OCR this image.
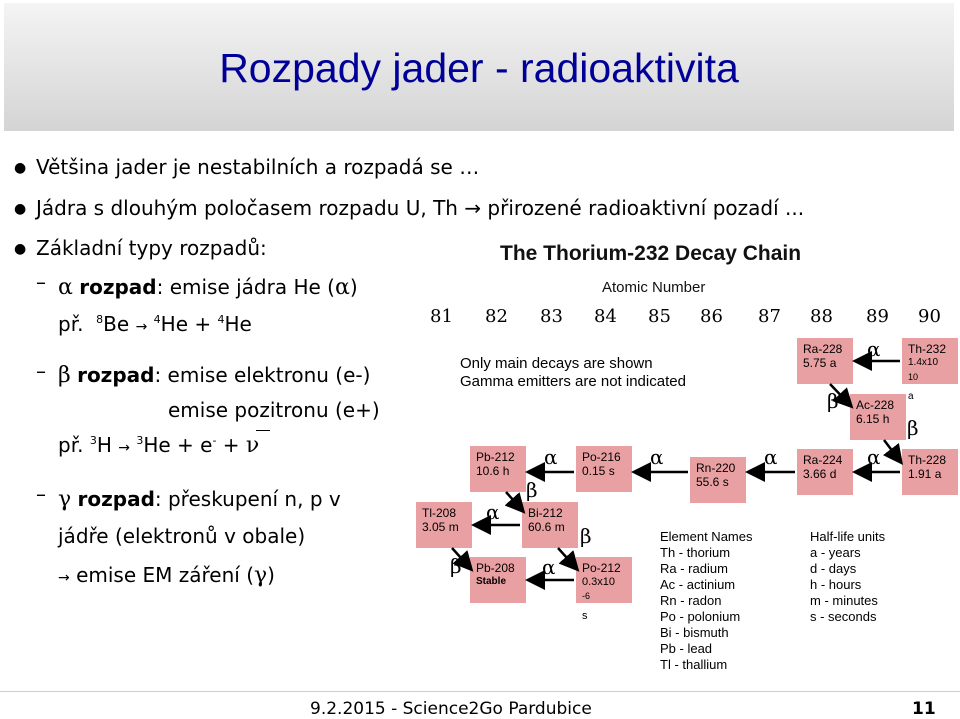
Rozpady jader - radioaktivita
● Většina jader je nestabilních a rozpadá se …
● Jádra s dlouhým poločasem rozpadu U, Th → přirozené radioaktivní pozadí ...
● Základní typy rozpadů:
– α rozpad: emise jádra He (α)
př. $^8$Be → $^4$He + $^4$He
– β rozpad: emise elektronu (e-)
emise pozitronu (e+)
př. $^3$H → $^3$He + e- + ν
– γ rozpad: přeskupení n, p v
jádře (elektronů v obale)
→ emise EM záření (γ)
The Thorium-232 Decay Chain
Atomic Number
81 82 83 84 85 86 87 88 89 90
Only main decays are shown
Gamma emitters are not indicated
Ra-228
5.75 a
Th-232
1.4x10
$^{10}$
a
Ac-228
6.15 h
Ra-224
3.66 d
Th-228
1.91 a
Rn-220
55.6 s
Po-216
0.15 s
Pb-212
10.6 h
Bi-212
60.6 m
Tl-208
3.05 m
Pb-208
Stable
Po-212
0.3x10
$^{-6}$
s
α
β
β
α
α
α
α
β
α
β
β	α
Element Names
Th - thorium
Ra - radium
Ac - actinium
Rn - radon
Po - polonium
Bi - bismuth
Pb - lead
Tl - thallium
Half-life units
a - years
d - days
h - hours
m - minutes
s - seconds
9.2.2015 - Science2Go Pardubice	11
